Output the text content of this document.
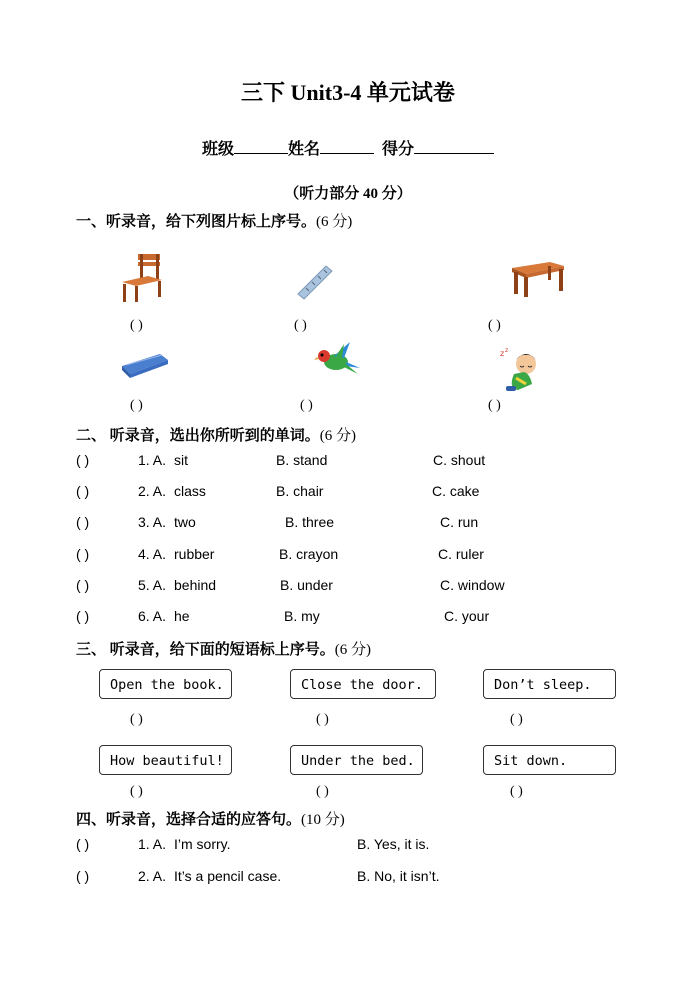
三下 Unit3-4 单元试卷
班级	姓名	得分
（听力部分 40 分）
一、听录音，给下列图片标上序号。(6 分)
( )	( )	( )
z z
( )	( )	( )
二、 听录音，选出你所听到的单词。(6 分)
( )	1. A. sit	B. stand	C. shout
( )	2. A. class	B. chair	C. cake
( )	3. A. two	B. three	C. run
( )	4. A. rubber	B. crayon	C. ruler
( )	5. A. behind	B. under	C. window
( )	6. A. he	B. my	C. your
三、 听录音，给下面的短语标上序号。(6 分)
Open the book.	Close the door.	Don’t sleep.
( )	( )	( )
How beautiful!	Under the bed.	Sit down.
( )	( )	( )
四、听录音，选择合适的应答句。(10 分)
( )	1. A. I’m sorry.	B. Yes, it is.
( )	2. A. It’s a pencil case.	B. No, it isn’t.
